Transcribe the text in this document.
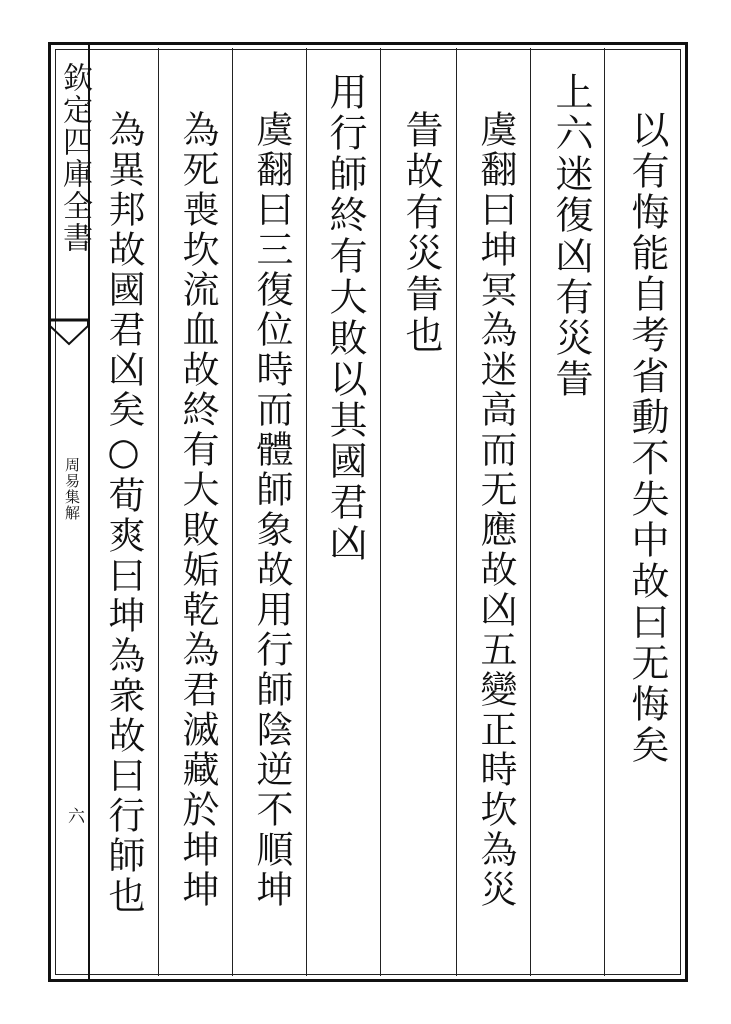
欽定四庫全書
周易集解
六
以有悔能自考省動不失中故曰无悔矣
上六迷復凶有災眚
虞翻曰坤冥為迷高而无應故凶五變正時坎為災
眚故有災眚也
用行師終有大敗以其國君凶
虞翻曰三復位時而體師象故用行師陰逆不順坤
為死喪坎流血故終有大敗姤乾為君滅藏於坤坤
為異邦故國君凶矣○荀爽曰坤為衆故曰行師也
